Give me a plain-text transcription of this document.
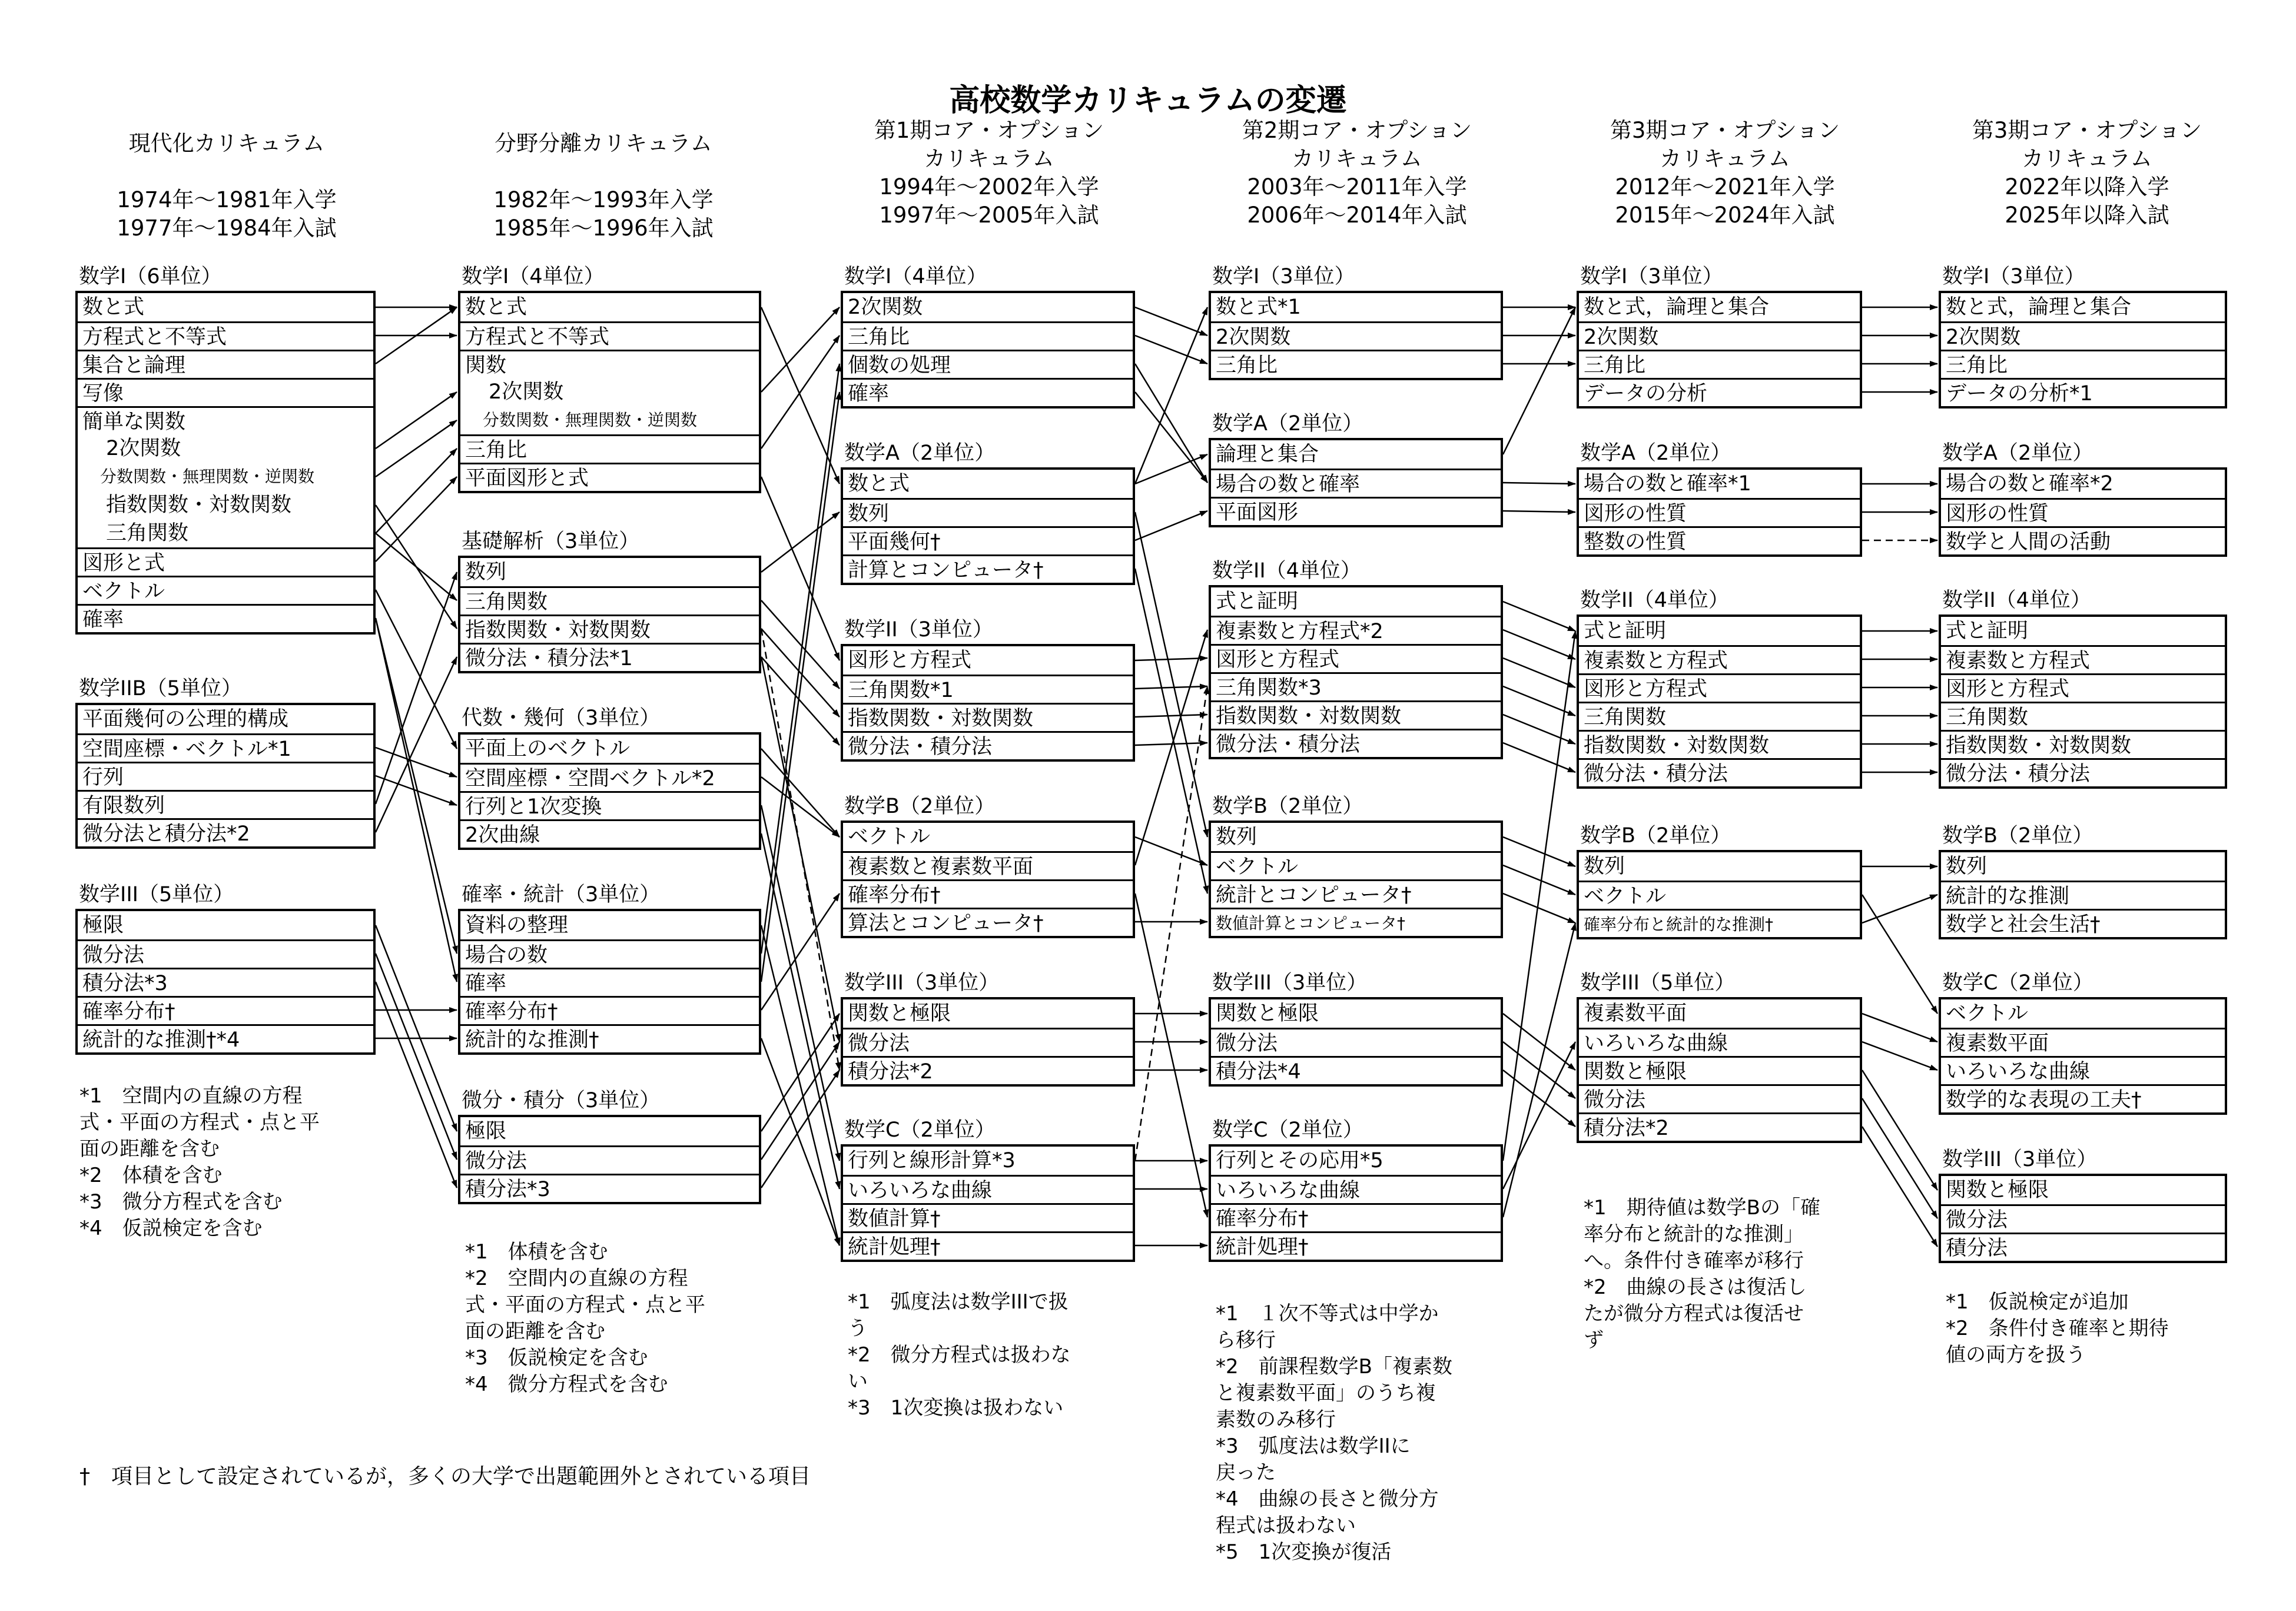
高校数学カリキュラムの変遷
現代化カリキュラム

1974年〜1981年入学
1977年〜1984年入試
分野分離カリキュラム

1982年〜1993年入学
1985年〜1996年入試
第1期コア・オプション
カリキュラム
1994年〜2002年入学
1997年〜2005年入試
第2期コア・オプション
カリキュラム
2003年〜2011年入学
2006年〜2014年入試
第3期コア・オプション
カリキュラム
2012年〜2021年入学
2015年〜2024年入試
第3期コア・オプション
カリキュラム
2022年以降入学
2025年以降入試
数学I（6単位）
数と式
方程式と不等式
集合と論理
写像
簡単な関数
2次関数
分数関数・無理関数・逆関数
指数関数・対数関数
三角関数
図形と式
ベクトル
確率
数学IIB（5単位）
平面幾何の公理的構成
空間座標・ベクトル*1
行列
有限数列
微分法と積分法*2
数学III（5単位）
極限
微分法
積分法*3
確率分布†
統計的な推測†*4
数学I（4単位）
数と式
方程式と不等式
関数
2次関数
分数関数・無理関数・逆関数
三角比
平面図形と式
基礎解析（3単位）
数列
三角関数
指数関数・対数関数
微分法・積分法*1
代数・幾何（3単位）
平面上のベクトル
空間座標・空間ベクトル*2
行列と1次変換
2次曲線
確率・統計（3単位）
資料の整理
場合の数
確率
確率分布†
統計的な推測†
微分・積分（3単位）
極限
微分法
積分法*3
数学I（4単位）
2次関数
三角比
個数の処理
確率
数学A（2単位）
数と式
数列
平面幾何†
計算とコンピュータ†
数学II（3単位）
図形と方程式
三角関数*1
指数関数・対数関数
微分法・積分法
数学B（2単位）
ベクトル
複素数と複素数平面
確率分布†
算法とコンピュータ†
数学III（3単位）
関数と極限
微分法
積分法*2
数学C（2単位）
行列と線形計算*3
いろいろな曲線
数値計算†
統計処理†
数学I（3単位）
数と式*1
2次関数
三角比
数学A（2単位）
論理と集合
場合の数と確率
平面図形
数学II（4単位）
式と証明
複素数と方程式*2
図形と方程式
三角関数*3
指数関数・対数関数
微分法・積分法
数学B（2単位）
数列
ベクトル
統計とコンピュータ†
数値計算とコンピュータ†
数学III（3単位）
関数と極限
微分法
積分法*4
数学C（2単位）
行列とその応用*5
いろいろな曲線
確率分布†
統計処理†
数学I（3単位）
数と式，論理と集合
2次関数
三角比
データの分析
数学A（2単位）
場合の数と確率*1
図形の性質
整数の性質
数学II（4単位）
式と証明
複素数と方程式
図形と方程式
三角関数
指数関数・対数関数
微分法・積分法
数学B（2単位）
数列
ベクトル
確率分布と統計的な推測†
数学III（5単位）
複素数平面
いろいろな曲線
関数と極限
微分法
積分法*2
数学I（3単位）
数と式，論理と集合
2次関数
三角比
データの分析*1
数学A（2単位）
場合の数と確率*2
図形の性質
数学と人間の活動
数学II（4単位）
式と証明
複素数と方程式
図形と方程式
三角関数
指数関数・対数関数
微分法・積分法
数学B（2単位）
数列
統計的な推測
数学と社会生活†
数学C（2単位）
ベクトル
複素数平面
いろいろな曲線
数学的な表現の工夫†
数学III（3単位）
関数と極限
微分法
積分法
*1　空間内の直線の方程
式・平面の方程式・点と平
面の距離を含む
*2　体積を含む
*3　微分方程式を含む
*4　仮説検定を含む
*1　体積を含む
*2　空間内の直線の方程
式・平面の方程式・点と平
面の距離を含む
*3　仮説検定を含む
*4　微分方程式を含む
*1　弧度法は数学IIIで扱
う
*2　微分方程式は扱わな
い
*3　1次変換は扱わない
*1　１次不等式は中学か
ら移行
*2　前課程数学B「複素数
と複素数平面」のうち複
素数のみ移行
*3　弧度法は数学IIに
戻った
*4　曲線の長さと微分方
程式は扱わない
*5　1次変換が復活
*1　期待値は数学Bの「確
率分布と統計的な推測」
へ。条件付き確率が移行
*2　曲線の長さは復活し
たが微分方程式は復活せ
ず
*1　仮説検定が追加
*2　条件付き確率と期待
値の両方を扱う
†　項目として設定されているが，多くの大学で出題範囲外とされている項目
